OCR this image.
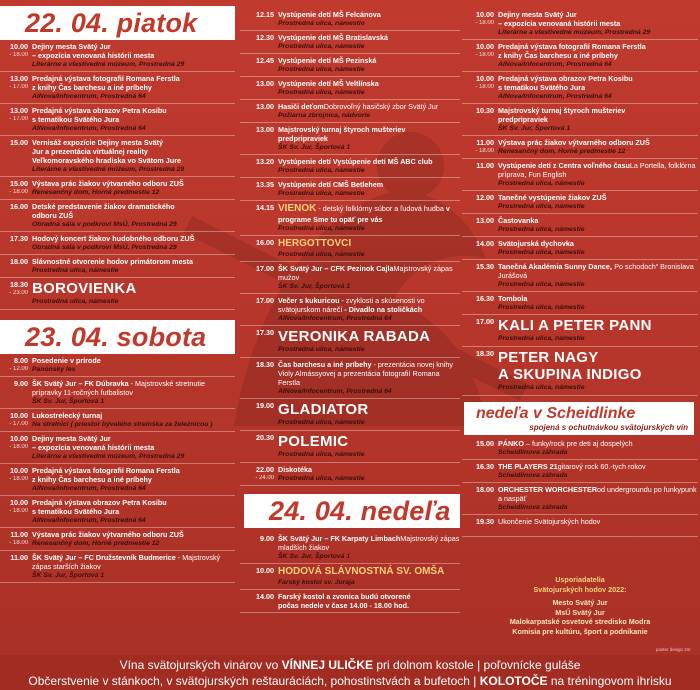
22. 04. piatok
10.00
- 18.00
Dejiny mesta Svätý Jur
– expozícia venovaná histórii mesta
Literárne a vlastivedné múzeum, Prostredná 29
13.00
- 17.00
Predajná výstava fotografií Romana Ferstla
z knihy Čas barchesu a iné príbehy
AINova/Infocentrum, Prostredná 64
13.00
- 17.00
Predajná výstava obrazov Petra Kosibu
s tematikou Svätého Jura
AINova/Infocentrum, Prostredná 64
15.00 Vernisáž expozície Dejiny mesta Svätý
Jur a prezentácia virtuálnej reality
Veľkomoravského hradiska vo Svätom Jure
Literárne a vlastivedné múzeum, Prostredná 29
15.00
- 18.00
Výstava prác žiakov výtvarného odboru ZUŠ
Renesančný dom, Horné predmestie 12
16.00 Detské predstavenie žiakov dramatického
odboru ZUŠ
Obradná sála v podkroví MsÚ, Prostredná 29
17.30 Hodový koncert žiakov hudobného odboru ZUŠ
Obradná sála v podkroví MsÚ, Prostredná 29
18.00 Slávnostné otvorenie hodov primátorom mesta
Prostredná ulica, námestie
18.30
- 23.00 BOROVIENKA
Prostredná ulica, námestie
23. 04. sobota
8.00
- 12.00
Posedenie v prírode
Panónsky les
9.00 ŠK Svätý Jur – FK Dúbravka - Majstrovské stretnutie prípravky 11-ročných futbalistov
ŠK Sv. Jur, Športová 1
10.00
- 17.00
Lukostrelecký turnaj
Na strelnici ( priestor bývalého strelnška za železnicou )
10.00
- 18.00
Dejiny mesta Svätý Jur
– expozícia venovaná histórii mesta
Literárne a vlastivedné múzeum, Prostredná 29
10.00
- 18.00
Predajná výstava fotografií Romana Ferstla
z knihy Čas barchesu a iné príbehy
AINova/Infocentrum, Prostredná 64
10.00
- 18.00
Predajná výstava obrazov Petra Kosibu
s tematikou Svätého Jura
AINova/Infocentrum, Prostredná 64
11.00
- 18.00
Výstava prác žiakov výtvarného odboru ZUŠ
Renesančný dom, Horné predmestie 12
11.00 ŠK Svätý Jur – FC Družstevník Budmerice - Majstrovský zápas starších žiakov
ŠK Sv. Jur, Športová 1
12.15 Vystúpenie detí MŠ Felcánova
Prostredná ulica, námestie
12.30 Vystúpenie detí MŠ Bratislavská
Prostredná ulica, námestie
12.45 Vystúpenie detí MŠ Pezinská
Prostredná ulica, námestie
13.00 Vystúpenie detí MŠ Veltlínska
Prostredná ulica, námestie
13.00 Hasiči deťomDobrovoľný hasičský zbor Svätý Jur
Požiarna zbrojnica, nádvorie
13.00 Majstrovský turnaj štyroch mušteriev
predpripraviek
ŠK Sv. Jur, Športová 1
13.20 Vystúpenie detí Vystúpenie detí MŠ ABC club
Prostredná ulica, námestie
13.35 Vystúpenie detí CMŠ Betlehem
Prostredná ulica, námestie
14.15 VIENOK - detský folklórny súbor a ľudová hudba v programe Sme tu opäť pre vás
Prostredná ulica, námestie
16.00 HERGOTTOVCI
Prostredná ulica, námestie
17.00 ŠK Svätý Jur – CFK Pezinok CajlaMajstrovský zápas mužov
ŠK Sv. Jur, Športová 1
17.00 Večer s kukuricou - zvyklosti a skúsenosti vo svätojurskom nárečí - Divadlo na stoličkách
AINova/Infocentrum, Prostredná 64
17.30 VERONIKA RABADA
Prostredná ulica, námestie
18.30 Čas barchesu a iné príbehy - prezentácia novej knihy Violy Almássyovej a prezentácia fotografií Romana Ferstla
AINova/Infocentrum, Prostredná 64
19.00 GLADIATOR
Prostredná ulica, námestie
20.30 POLEMIC
Prostredná ulica, námestie
22.00
- 24.00
Diskotéka
Prostredná ulica, námestie
24. 04. nedeľa
9.00 ŠK Svätý Jur – FK Karpaty LimbachMajstrovský zápas mladších žiakov
ŠK Sv. Jur, Športová 1
10.00 HODOVÁ SLÁVNOSTNÁ SV. OMŠA
Farský kostol sv. Juraja
14.00 Farský kostol a zvonica budú otvorené
počas nedele v čase 14.00 - 18.00 hod.
10.00
- 18.00
Dejiny mesta Svätý Jur
– expozícia venovaná histórii mesta
Literárne a vlastivedné múzeum, Prostredná 29
10.00
- 18.00
Predajná výstava fotografií Romana Ferstla
z knihy Čas barchesu a iné príbehy
AINova/Infocentrum, Prostredná 64
10.00
- 18.00
Predajná výstava obrazov Petra Kosibu
s tematikou Svätého Jura
AINova/Infocentrum, Prostredná 64
10.30 Majstrovský turnaj štyroch mušteriev
predpripraviek
ŠK Sv. Jur, Športová 1
11.00
- 18.00
Výstava prác žiakov výtvarného odboru ZUŠ
Renesančný dom, Horné predmestie 12
11.00 Vystúpenie detí z Centra voľného časuLa Portella, folklórna príprava, Fun English
Prostredná ulica, námestie
12.00 Tanečné vystúpenie žiakov ZUŠ
Prostredná ulica, námestie
13.00 Častovanka
Prostredná ulica, námestie
14.00 Svätojurská dychovka
Prostredná ulica, námestie
15.30 Tanečná Akadémia Sunny Dance„ Po schodoch“ Bronislava Jurášová
Prostredná ulica, námestie
16.30 Tombola
Prostredná ulica, námestie
17.00 KALI A PETER PANN
Prostredná ulica, námestie
18.30 PETER NAGY
A SKUPINA INDIGO
Prostredná ulica, námestie
nedeľa v Scheidlinke
spojená s ochutnávkou svätojurských vín
15.00 PÁNKO – funky/rock pre deti aj dospelých
Scheidlinova záhrada
16.30 THE PLAYERS 21gitarový rock 60.-tych rokov
Scheidlinova záhrada
18.00 ORCHESTER WORCHESTERod undergroundu po funkypunk a naspäť
Scheidlinova záhrada
19.30 Ukončenie Svätojurských hodov
Usporiadatelia
Svätojurských hodov 2022:
Mesto Svätý Jur
MsÚ Svätý Jur
Malokarpatské osvetové stredisko Modra
Komisia pre kultúru, šport a podnikanie
poster design 2nt
Vína svätojurských vinárov vo VÍNNEJ ULIČKE pri dolnom kostole | poľovnícke guláše
Občerstvenie v stánkoch, v svätojurských reštauráciách, pohostinstvách a bufetoch | KOLOTOČE na tréningovom ihrisku
